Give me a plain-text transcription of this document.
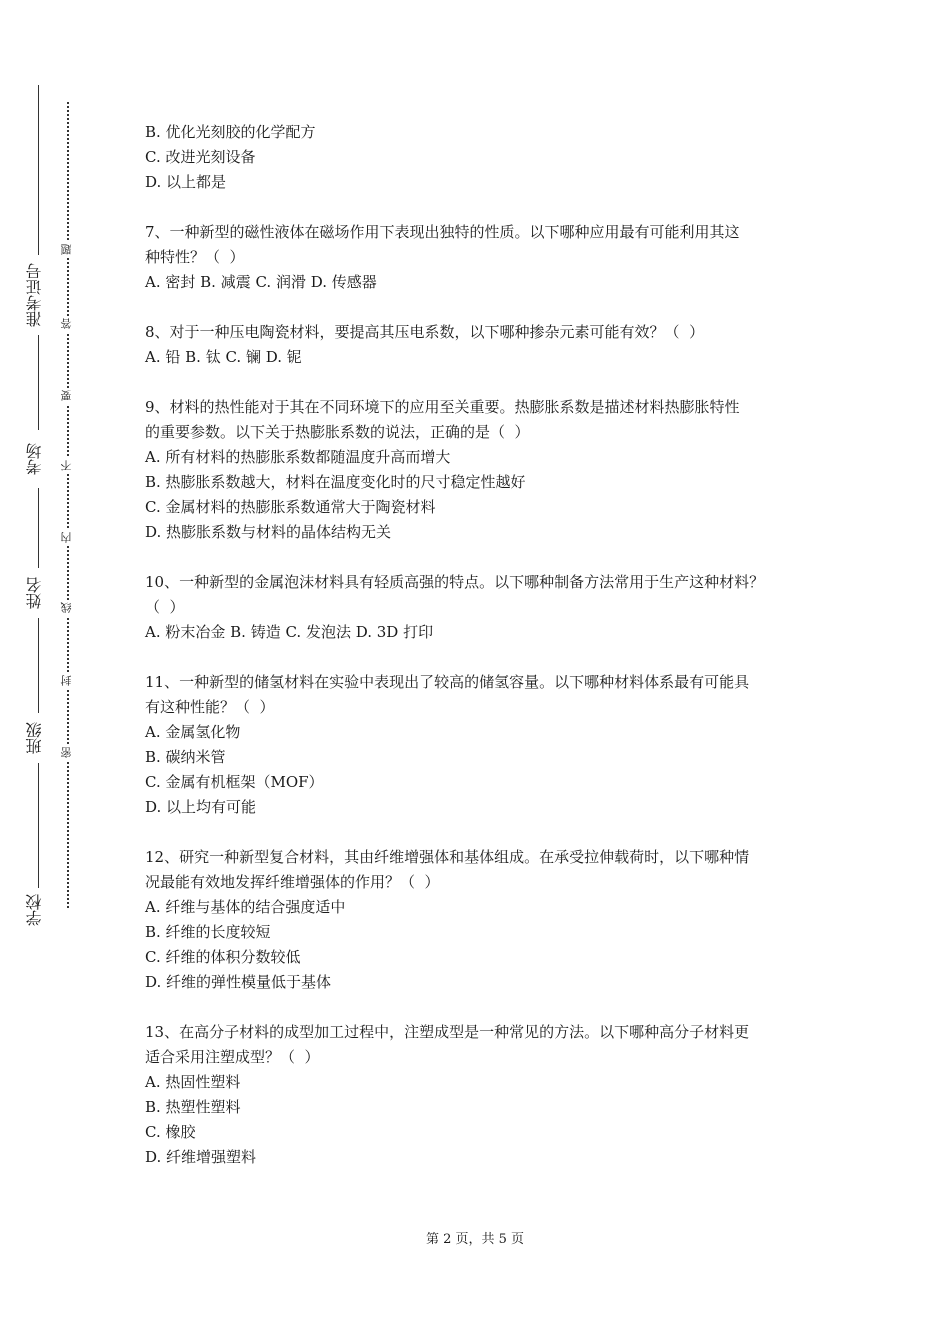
准考证号
考场
姓名
班级
学校
题
答
要
不
内
线
封
密
B. 优化光刻胶的化学配方
C. 改进光刻设备
D. 以上都是
7、一种新型的磁性液体在磁场作用下表现出独特的性质。以下哪种应用最有可能利用其这
种特性？（  ）
A. 密封 B. 减震 C. 润滑 D. 传感器
8、对于一种压电陶瓷材料，要提高其压电系数，以下哪种掺杂元素可能有效？（  ）
A. 铅 B. 钛 C. 镧 D. 铌
9、材料的热性能对于其在不同环境下的应用至关重要。热膨胀系数是描述材料热膨胀特性
的重要参数。以下关于热膨胀系数的说法，正确的是（  ）
A. 所有材料的热膨胀系数都随温度升高而增大
B. 热膨胀系数越大，材料在温度变化时的尺寸稳定性越好
C. 金属材料的热膨胀系数通常大于陶瓷材料
D. 热膨胀系数与材料的晶体结构无关
10、一种新型的金属泡沫材料具有轻质高强的特点。以下哪种制备方法常用于生产这种材料？
（  ）
A. 粉末冶金 B. 铸造 C. 发泡法 D. 3D 打印
11、一种新型的储氢材料在实验中表现出了较高的储氢容量。以下哪种材料体系最有可能具
有这种性能？（  ）
A. 金属氢化物
B. 碳纳米管
C. 金属有机框架（MOF）
D. 以上均有可能
12、研究一种新型复合材料，其由纤维增强体和基体组成。在承受拉伸载荷时，以下哪种情
况最能有效地发挥纤维增强体的作用？（  ）
A. 纤维与基体的结合强度适中
B. 纤维的长度较短
C. 纤维的体积分数较低
D. 纤维的弹性模量低于基体
13、在高分子材料的成型加工过程中，注塑成型是一种常见的方法。以下哪种高分子材料更
适合采用注塑成型？（  ）
A. 热固性塑料
B. 热塑性塑料
C. 橡胶
D. 纤维增强塑料
第 2 页，共 5 页
